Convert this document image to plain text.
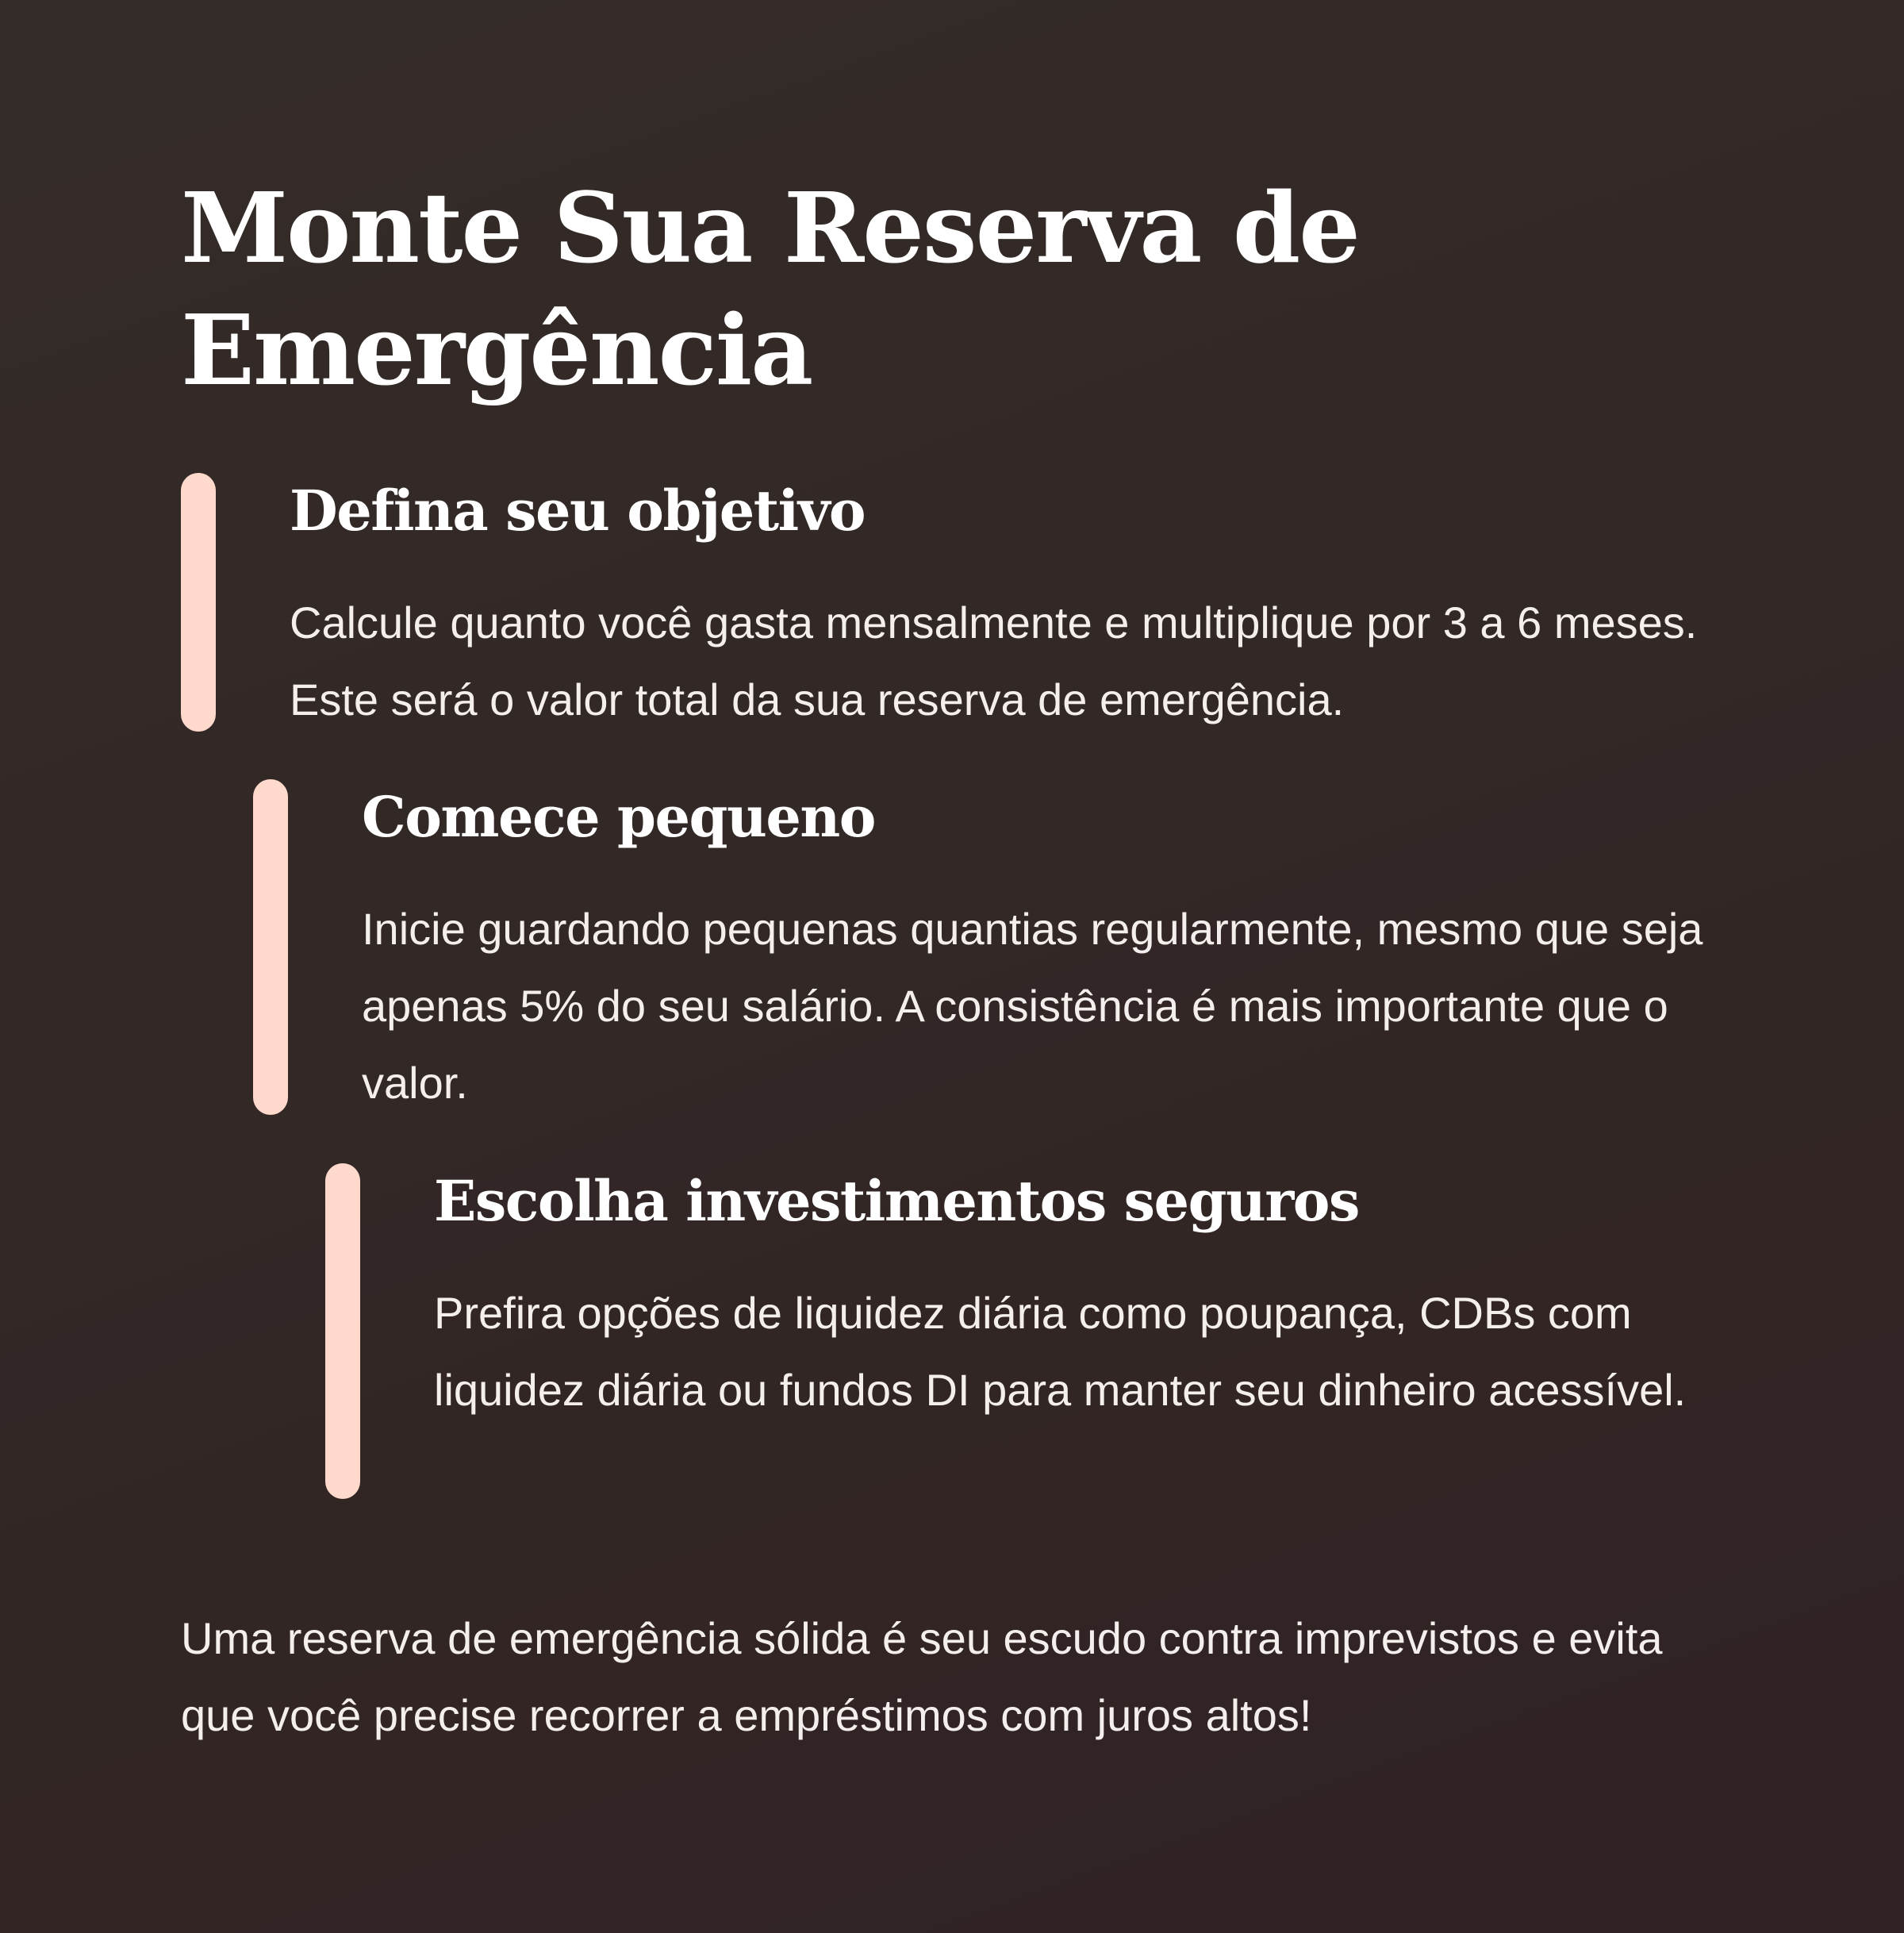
Monte Sua Reserva de Emergência
Defina seu objetivo

Calcule quanto você gasta mensalmente e multiplique por 3 a 6 meses. Este será o valor total da sua reserva de emergência.

Comece pequeno

Inicie guardando pequenas quantias regularmente, mesmo que seja apenas 5% do seu salário. A consistência é mais importante que o valor.

Escolha investimentos seguros

Prefira opções de liquidez diária como poupança, CDBs com liquidez diária ou fundos DI para manter seu dinheiro acessível.

Uma reserva de emergência sólida é seu escudo contra imprevistos e evita que você precise recorrer a empréstimos com juros altos!
